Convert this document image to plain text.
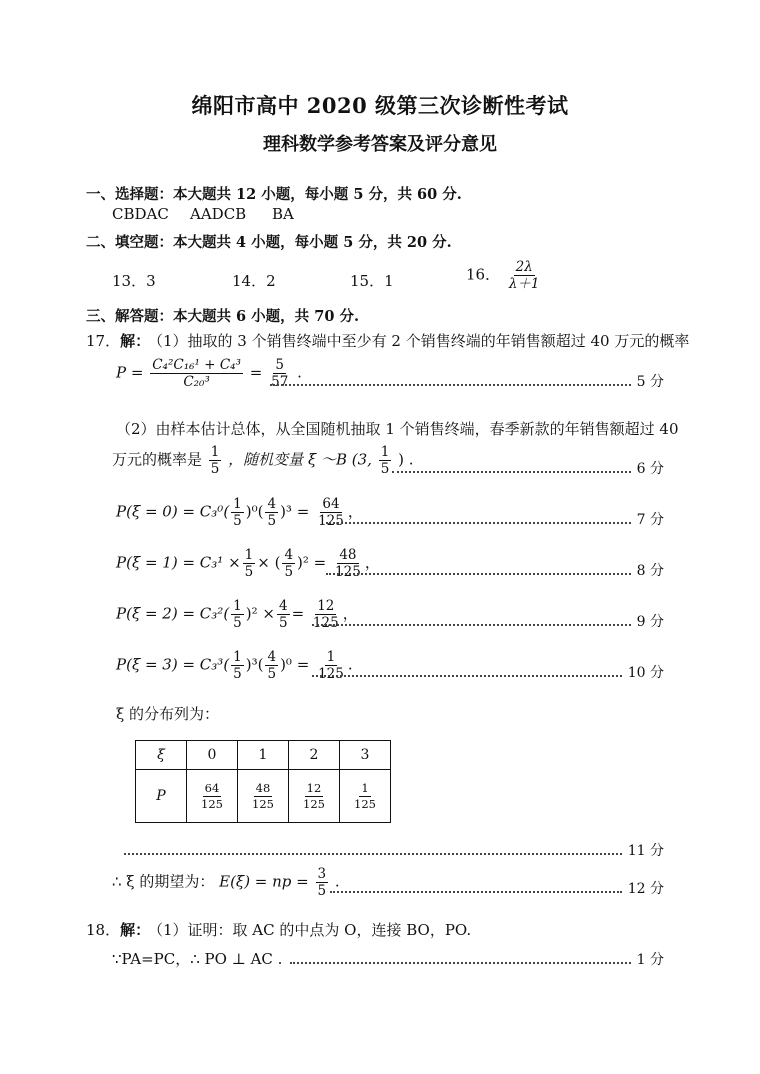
绵阳市高中 2020 级第三次诊断性考试
理科数学参考答案及评分意见
一、选择题：本大题共 12 小题，每小题 5 分，共 60 分.
CBDAC AADCB BA
二、填空题：本大题共 4 小题，每小题 5 分，共 20 分.
13．3	14．2	15．1	16． $\frac{2\lambda}{\lambda+1}$
三、解答题：本大题共 6 小题，共 70 分.
17．解：
（1）抽取的 3 个销售终端中至少有 2 个销售终端的年销售额超过 40 万元的概率
$P = \frac{\text{C₄²C₁₆¹ + C₄³}}{\text{C₂₀³}} = \frac{5}{57}$ .
5 分
（2）由样本估计总体，从全国随机抽取 1 个销售终端，春季新款的年销售额超过 40
万元的概率是 $\frac{1}{5}$ ，随机变量 ξ ～B (3, $\frac{1}{5}$ ) .
6 分
$P(\xi = 0) = C_3^0( \frac{1}{5} )^0( \frac{4}{5} )^3 = \frac{64}{125}$ ，	7 分
$P(\xi = 1) = C_3^1 \times \frac{1}{5}$ × ( $\frac{4}{5} )^2 = \frac{48}{125}$ ，	8 分
$P(\xi = 2) = C_3^2( \frac{1}{5} )^2 \times \frac{4}{5} = \frac{12}{125}$ ，	9 分
$P(\xi = 3) = C_3^3( \frac{1}{5} )^3( \frac{4}{5} )^0 = \frac{1}{125}$ .	10 分
ξ 的分布列为：
ξ	0	1	2	3
P	$\frac{64}{125}$	$\frac{48}{125}$	$\frac{12}{125}$	$\frac{1}{125}$
11 分
∴ ξ 的期望为： E(ξ) = np = $\frac{3}{5}$ .	12 分
18．解：
（1）证明：取 AC 的中点为 O，连接 BO，PO.
∵PA=PC，∴ PO ⊥ AC .	1 分
